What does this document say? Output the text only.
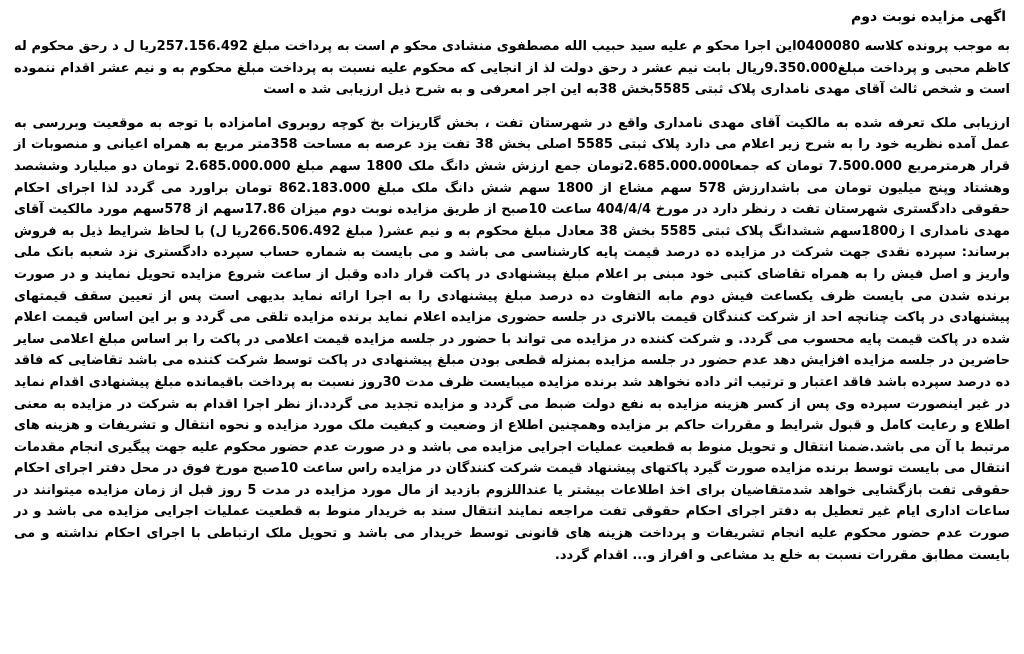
اگهی مزایده نوبت دوم

به موجب پرونده کلاسه 0400080این اجرا محکو م علیه سید حبیب الله مصطفوی منشادی محکو م است به پرداخت مبلغ 257.156.492ریا ل د رحق محکوم له کاظم محبی و پرداخت مبلغ9.350.000ریال بابت نیم عشر د رحق دولت لذ از انجایی که محکوم علیه نسبت به پرداخت مبلغ محکوم به و نیم عشر اقدام ننموده است و شخص ثالث آقای مهدی نامداری پلاک ثبتی 5585بخش 38به این اجر امعرفی و به شرح ذیل ارزیابی شد ه است

ارزیابی ملک تعرفه شده به مالکیت آقای مهدی نامداری واقع در شهرستان تفت ، بخش گاریزات بخ کوچه روبروی امامزاده با توجه به موقعیت وبررسی به عمل آمده نظریه خود را به شرح زیر اعلام می دارد پلاک ثبتی 5585 اصلی بخش 38 تفت یزد عرصه به مساحت 358متر مربع به همراه اعیانی و منصوبات از قرار هرمترمربع 7.500.000 تومان که جمعا2.685.000.000تومان جمع ارزش شش دانگ ملک 1800 سهم مبلغ 2.685.000.000 تومان دو میلیارد وششصد وهشتاد وپنج میلیون تومان می باشدارزش 578 سهم مشاع از 1800 سهم شش دانگ ملک مبلغ 862.183.000 تومان براورد می گردد لذا اجرای احکام حقوقی دادگستری شهرستان تفت د رنظر دارد در مورخ 404/4/4 ساعت 10صبح از طریق مزایده نوبت دوم میزان 17.86سهم از 578سهم مورد مالکیت آقای مهدی نامداری ا ز1800سهم ششدانگ پلاک ثبتی 5585 بخش 38 معادل مبلغ محکوم به و نیم عشر( مبلغ 266.506.492ریا ل) با لحاظ شرایط ذیل به فروش برساند: سپرده نقدی جهت شرکت در مزایده ده درصد قیمت پایه کارشناسی می باشد و می بایست به شماره حساب سپرده دادگستری نزد شعبه بانک ملی واریز و اصل فیش را به همراه تقاضای کتبی خود مبنی بر اعلام مبلغ پیشنهادی در پاکت قرار داده وقبل از ساعت شروع مزایده تحویل نمایند و در صورت برنده شدن می بایست ظرف یکساعت فیش دوم مابه التفاوت ده درصد مبلغ پیشنهادی را به اجرا ارائه نماید بدیهی است پس از تعیین سقف قیمتهای پیشنهادی در پاکت چنانچه احد از شرکت کنندگان قیمت بالاتری در جلسه حضوری مزایده اعلام نماید برنده مزایده تلقی می گردد و بر این اساس قیمت اعلام شده در پاکت قیمت پایه محسوب می گردد. و شرکت کننده در مزایده می تواند با حضور در جلسه مزایده قیمت اعلامی در پاکت را بر اساس مبلغ اعلامی سایر حاضرین در جلسه مزایده افزایش دهد عدم حضور در جلسه مزایده بمنزله قطعی بودن مبلغ پیشنهادی در پاکت توسط شرکت کننده می باشد تقاضایی که فاقد ده درصد سپرده باشد فاقد اعتبار و ترتیب اثر داده نخواهد شد برنده مزایده میبایست ظرف مدت 30روز نسبت به پرداخت باقیمانده مبلغ پیشنهادی اقدام نماید در غیر اینصورت سپرده وی پس از کسر هزینه مزایده به نفع دولت ضبط می گردد و مزایده تجدید می گردد.از نظر اجرا اقدام به شرکت در مزایده به معنی اطلاع و رعایت کامل و قبول شرایط و مقررات حاکم بر مزایده وهمچنین اطلاع از وضعیت و کیفیت ملک مورد مزایده و نحوه انتقال و تشریفات و هزینه های مرتبط با آن می باشد.ضمنا انتقال و تحویل منوط به قطعیت عملیات اجرایی مزایده می باشد و در صورت عدم حضور محکوم علیه جهت پیگیری انجام مقدمات انتقال می بایست توسط برنده مزایده صورت گیرد پاکتهای پیشنهاد قیمت شرکت کنندگان در مزایده راس ساعت 10صبح مورخ فوق در محل دفتر اجرای احکام حقوقی تفت بازگشایی خواهد شدمتقاضیان برای اخذ اطلاعات بیشتر یا عنداللزوم بازدید از مال مورد مزایده در مدت 5 روز قبل از زمان مزایده میتوانند در ساعات اداری ایام غیر تعطیل به دفتر اجرای احکام حقوقی تفت مراجعه نمایند انتقال سند به خریدار منوط به قطعیت عملیات اجرایی مزایده می باشد و در صورت عدم حضور محکوم علیه انجام تشریفات و پرداخت هزینه های قانونی توسط خریدار می باشد و تحویل ملک ارتباطی با اجرای احکام نداشته و می بایست مطابق مقررات نسبت به خلع ید مشاعی و افراز و... اقدام گردد.
